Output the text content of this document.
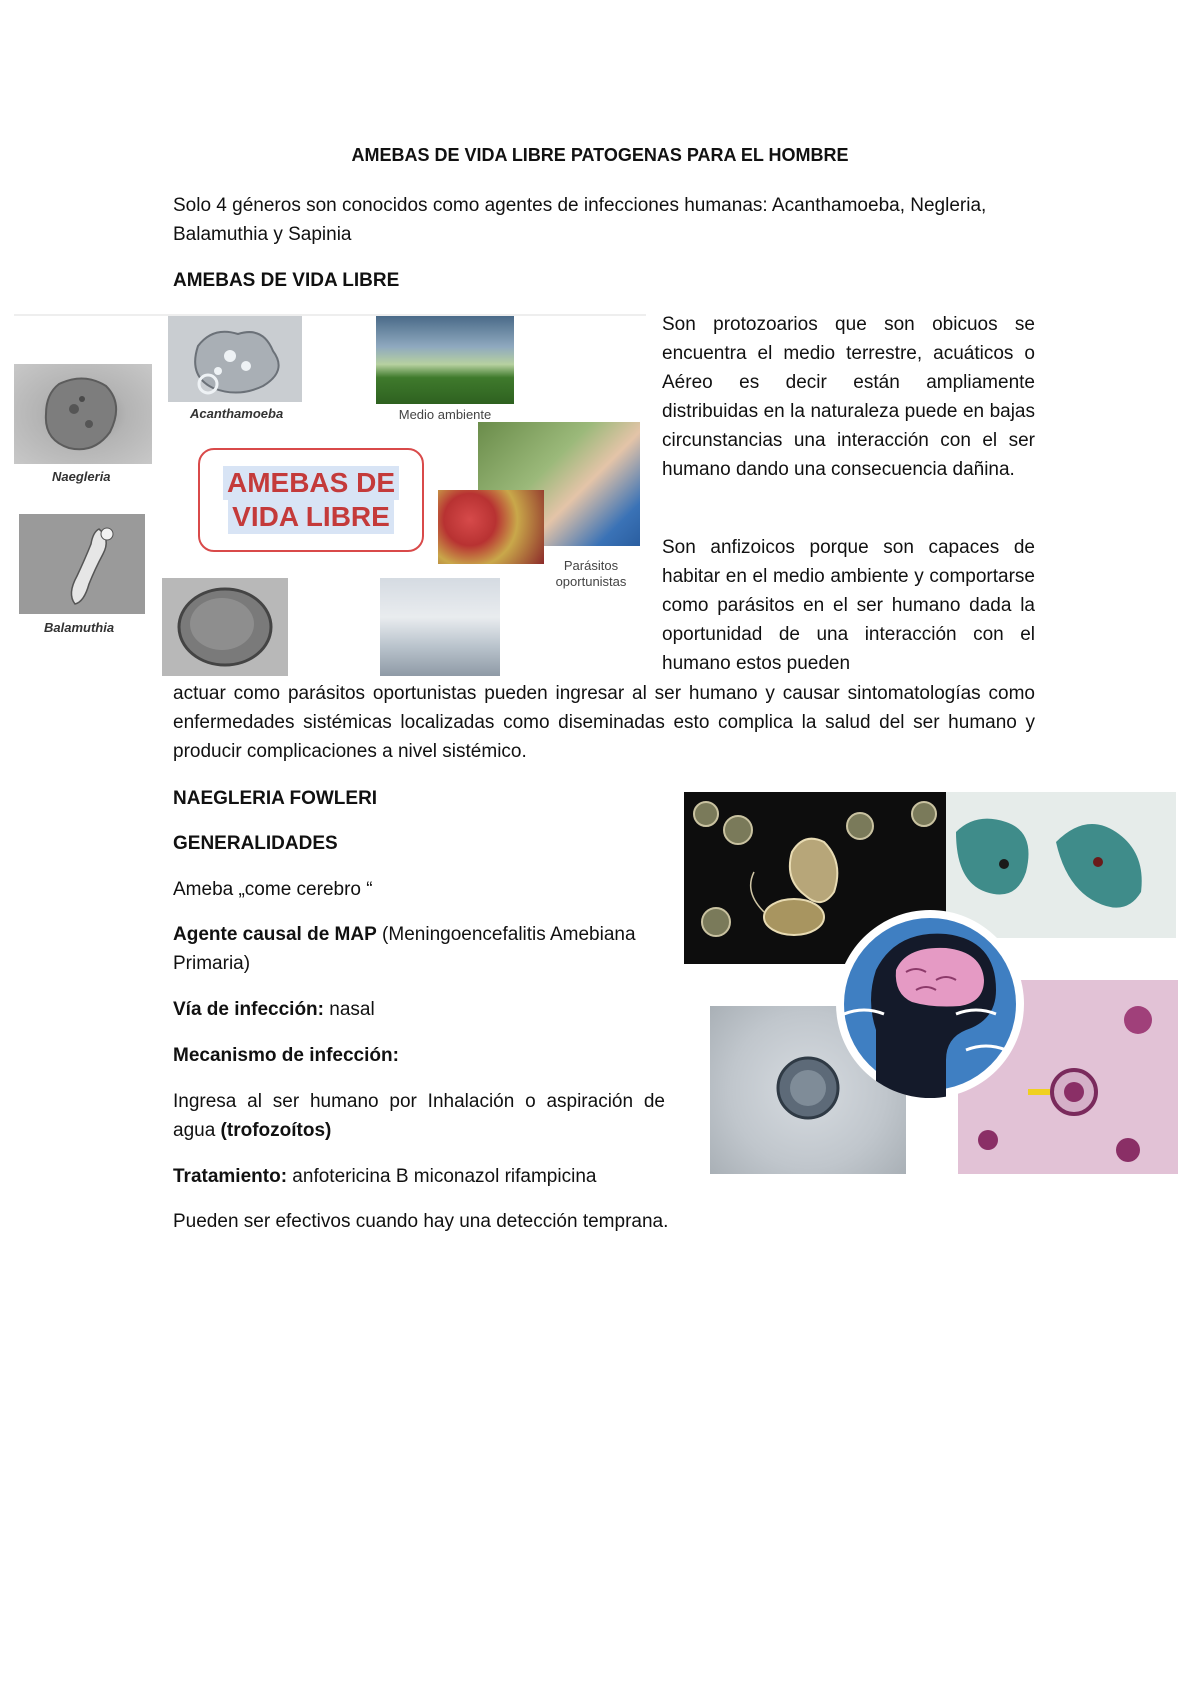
AMEBAS DE VIDA LIBRE PATOGENAS PARA EL HOMBRE
Solo 4 géneros son conocidos como agentes de infecciones humanas: Acanthamoeba, Negleria, Balamuthia y Sapinia
AMEBAS DE VIDA LIBRE
Naegleria
Acanthamoeba	Medio ambiente
AMEBAS DE
VIDA LIBRE
Parásitos
oportunistas
Balamuthia
Son protozoarios que son obicuos se encuentra el medio terrestre, acuáticos o Aéreo es decir están ampliamente distribuidas en la naturaleza puede en bajas circunstancias una interacción con el ser humano dando una consecuencia dañina.
Son anfizoicos porque son capaces de habitar en el medio ambiente y comportarse como parásitos en el ser humano dada la oportunidad de una interacción con el humano estos pueden
actuar como parásitos oportunistas pueden ingresar al ser humano y causar sintomatologías como enfermedades sistémicas localizadas como diseminadas esto complica la salud del ser humano y producir complicaciones a nivel sistémico.
NAEGLERIA FOWLERI
GENERALIDADES
Ameba „come cerebro “
Agente causal de MAP (Meningoencefalitis Amebiana Primaria)
Vía de infección: nasal
Mecanismo de infección:
Ingresa al ser humano por Inhalación o aspiración de agua (trofozoítos)
Tratamiento: anfotericina B miconazol rifampicina
Pueden ser efectivos cuando hay una detección temprana.
